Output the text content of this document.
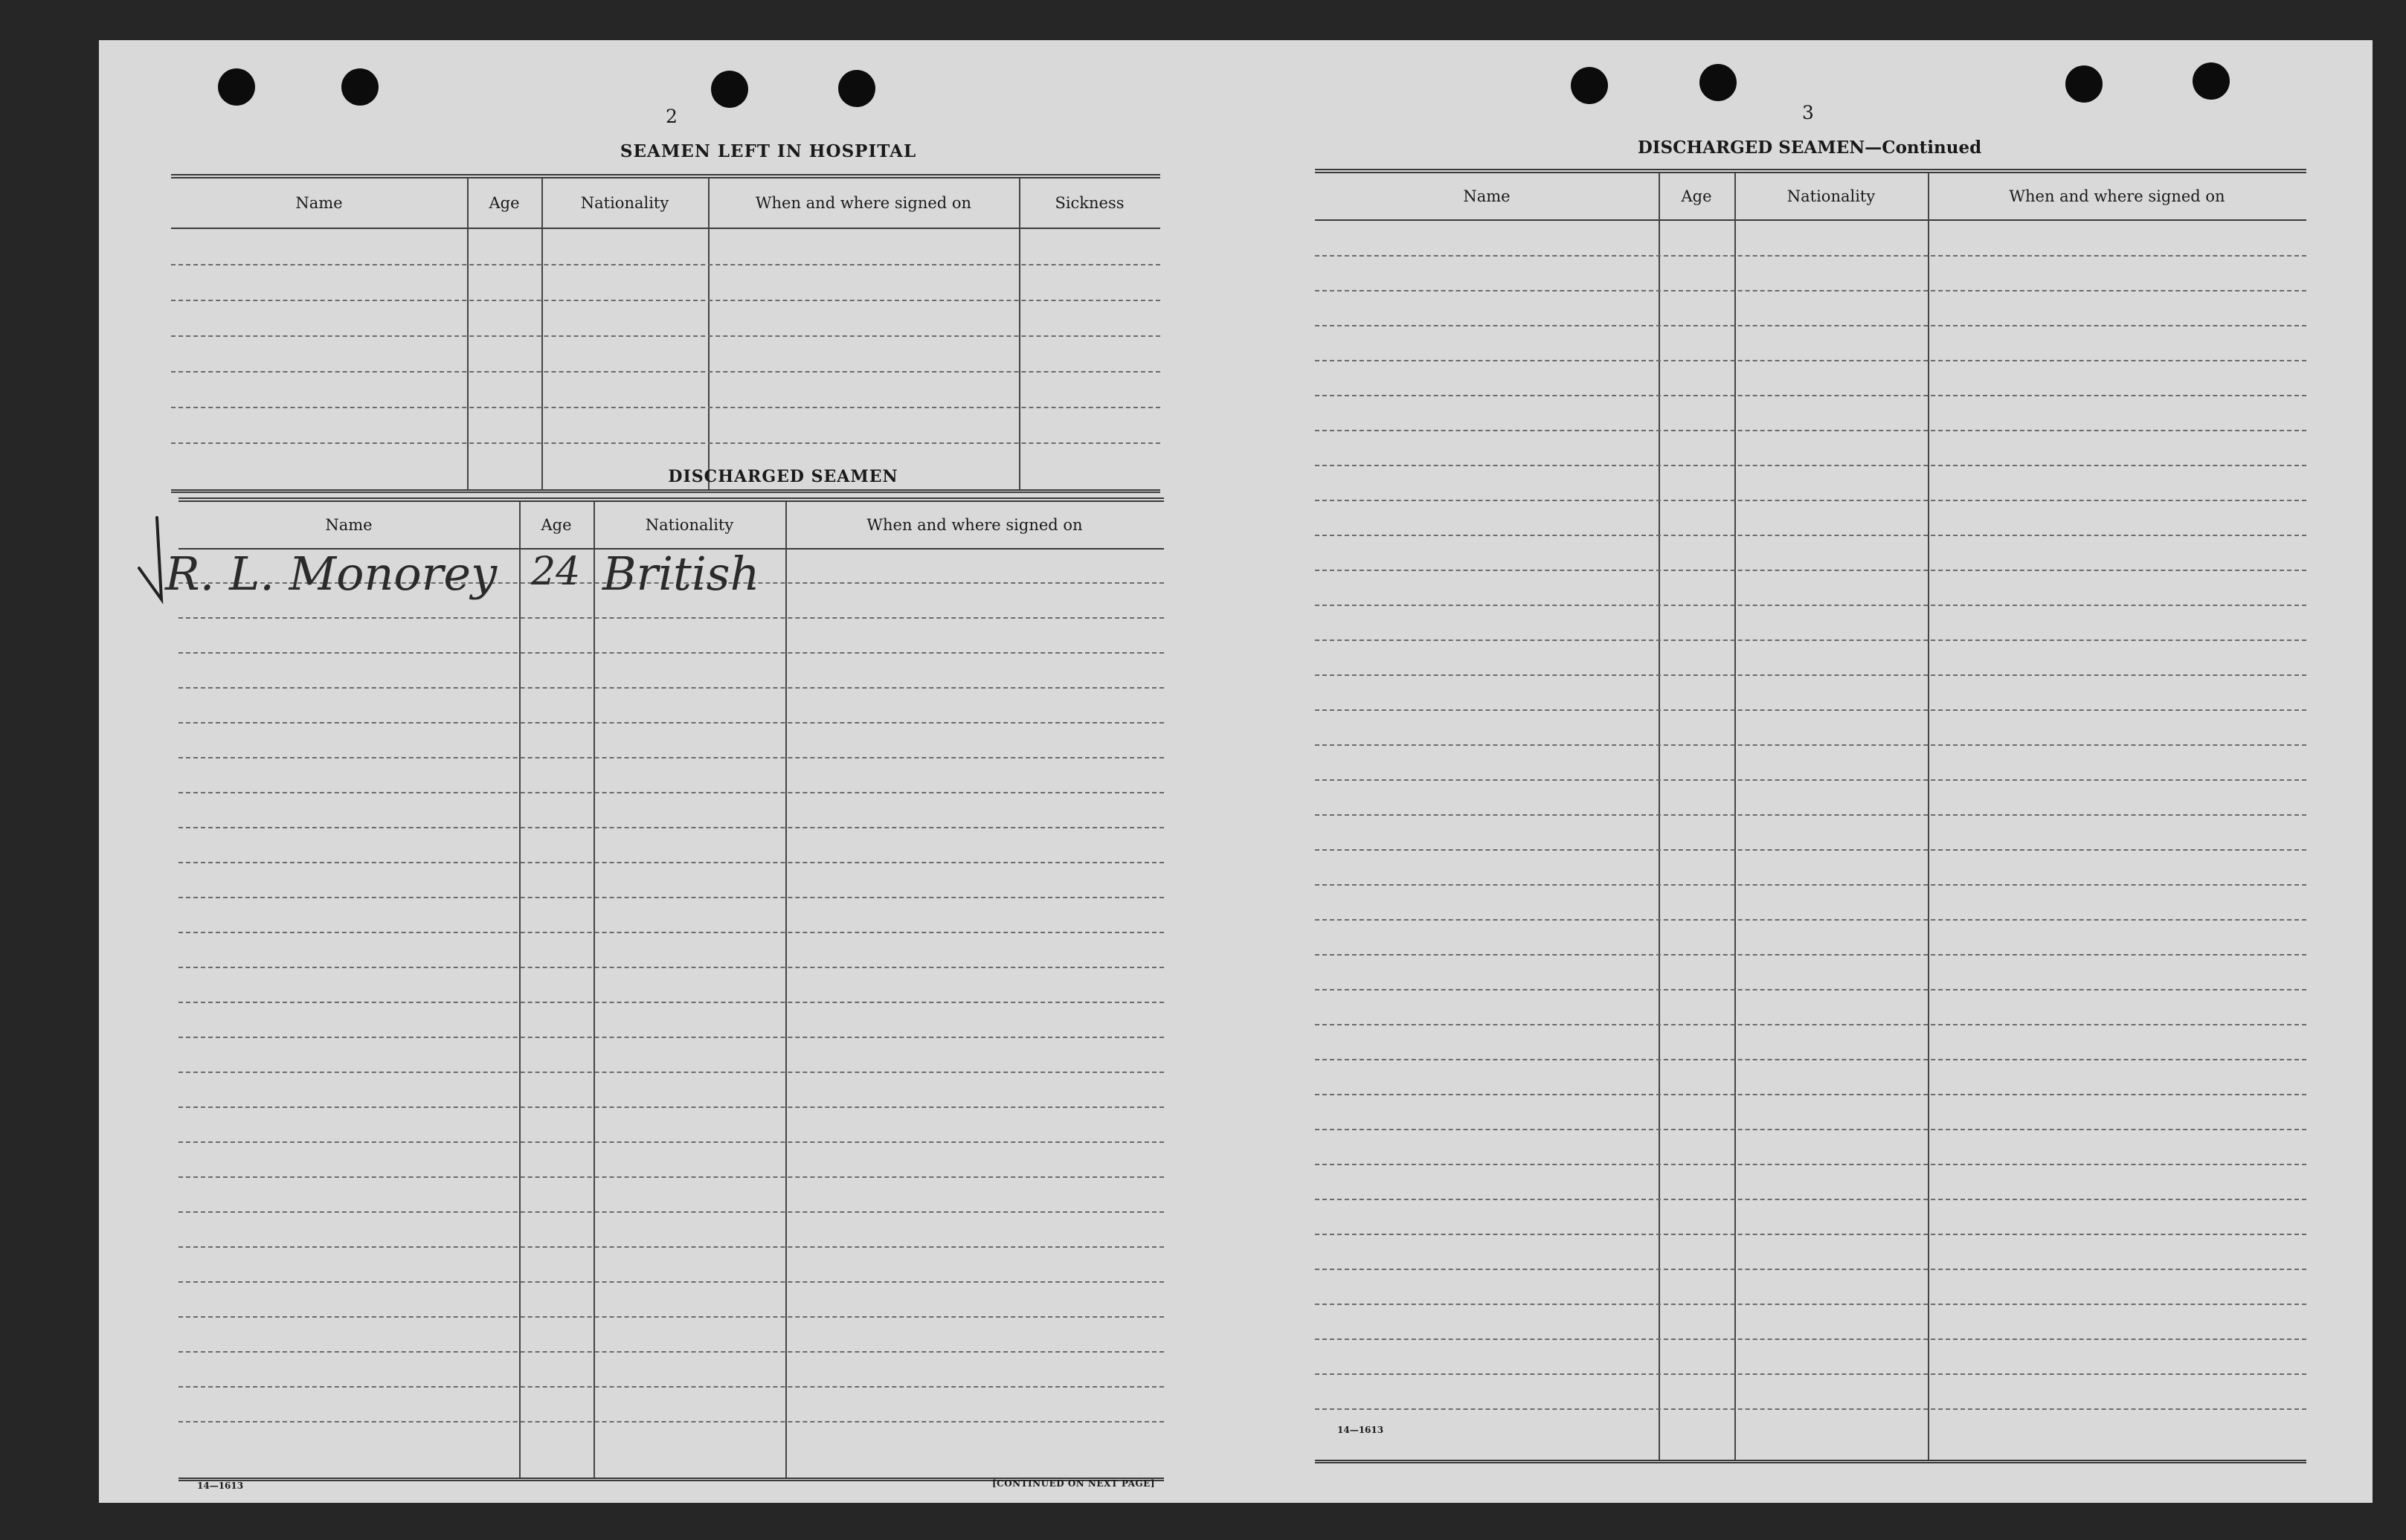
2
SEAMEN LEFT IN HOSPITAL
Name	Age	Nationality	When and where signed on	Sickness
DISCHARGED SEAMEN
Name	Age	Nationality	When and where signed on
R. L. Monorey 24 British
14—1613	[CONTINUED ON NEXT PAGE]
3
DISCHARGED SEAMEN—Continued
Name	Age	Nationality	When and where signed on
14—1613
